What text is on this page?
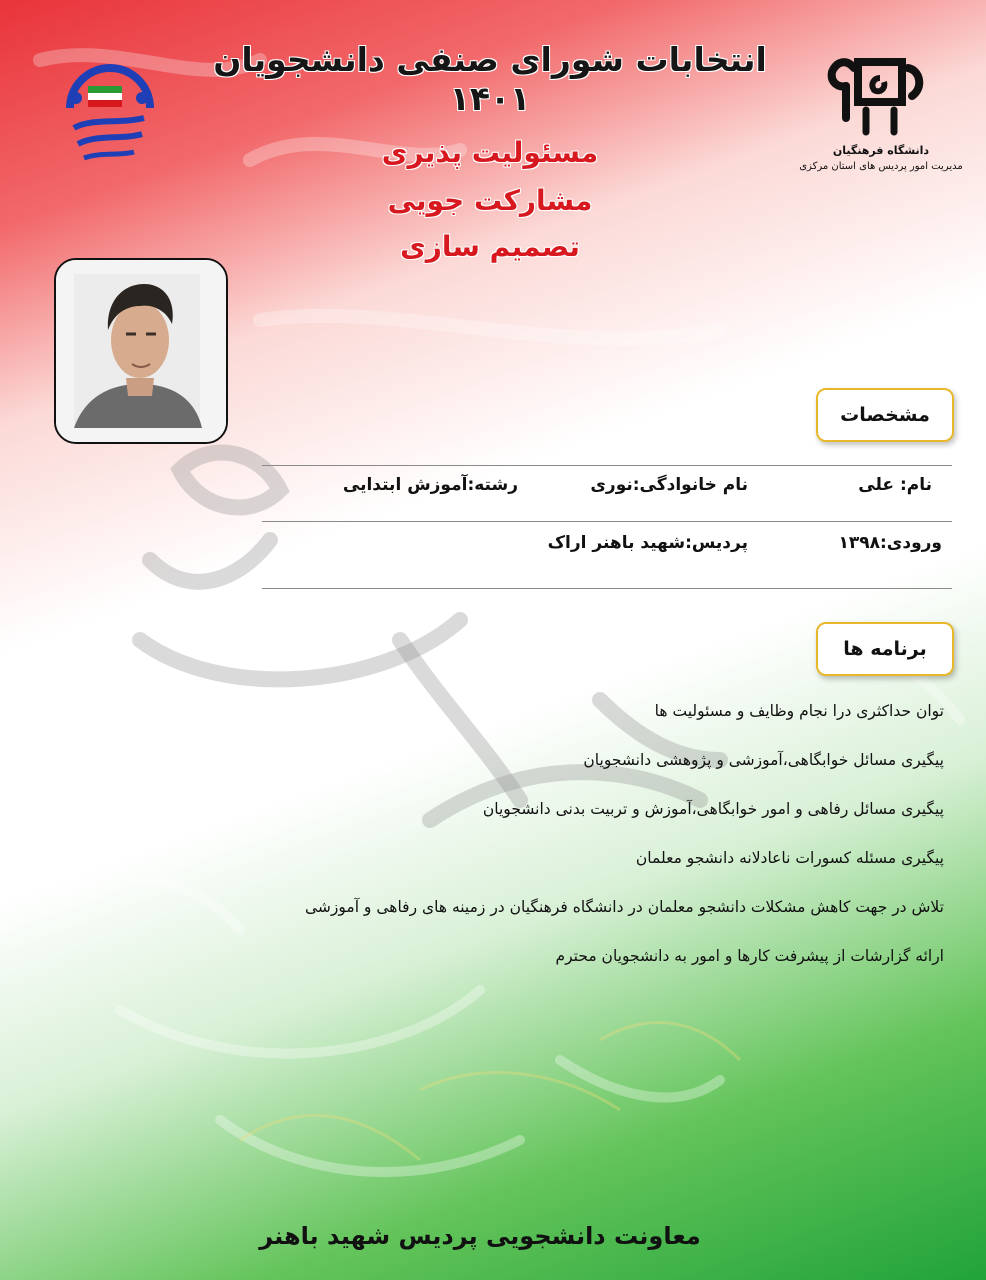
دانشگاه فرهنگیان
مدیریت امور پردیس های استان مرکزی
انتخابات شورای صنفی دانشجویان ۱۴۰۱
مسئولیت پذیری
مشارکت جویی
تصمیم سازی
مشخصات
نام: علی
نام خانوادگی:نوری
رشته:آموزش ابتدایی
ورودی:۱۳۹۸
پردیس:شهید باهنر اراک
برنامه ها
توان حداکثری درا نجام وظایف و مسئولیت ها
پیگیری مسائل خوابگاهی،آموزشی و پژوهشی دانشجویان
پیگیری مسائل رفاهی و امور خوابگاهی،آموزش و تربیت بدنی دانشجویان
پیگیری مسئله کسورات ناعادلانه دانشجو معلمان
تلاش در جهت کاهش مشکلات دانشجو معلمان در دانشگاه فرهنگیان در زمینه های رفاهی و آموزشی
ارائه گزارشات از پیشرفت کارها و امور به دانشجویان محترم
معاونت دانشجویی پردیس شهید باهنر
